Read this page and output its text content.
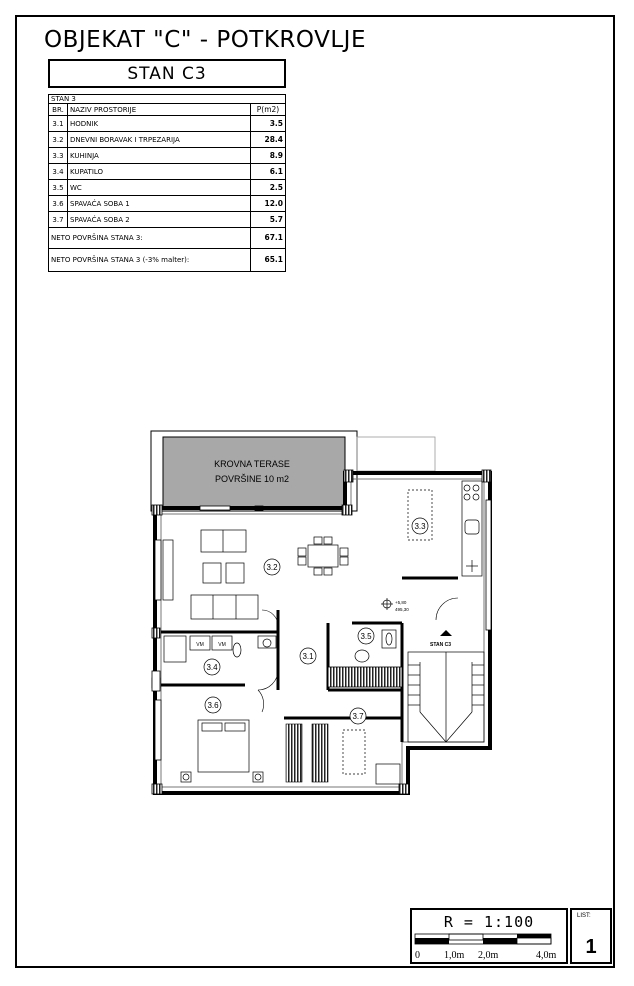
OBJEKAT "C" - POTKROVLJE
STAN C3
STAN 3		
BR.	NAZIV PROSTORIJE	P(m2)
3.1	HODNIK	3.5
3.2	DNEVNI BORAVAK I TRPEZARIJA	28.4
3.3	KUHINJA	8.9
3.4	KUPATILO	6.1
3.5	WC	2.5
3.6	SPAVAĆA SOBA 1	12.0
3.7	SPAVAĆA SOBA 2	5.7
NETO POVRŠINA STANA 3:		67.1
NETO POVRŠINA STANA 3 (-3% malter):		65.1
KROVNA TERASE
POVRŠINE 10 m2
VM	VM	STAN C3
+5,80
495,30
3.1
3.2
3.3
3.4
3.5
3.6
3.7
R = 1:100
0 1,0m 2,0m	4,0m
LIST:
1
